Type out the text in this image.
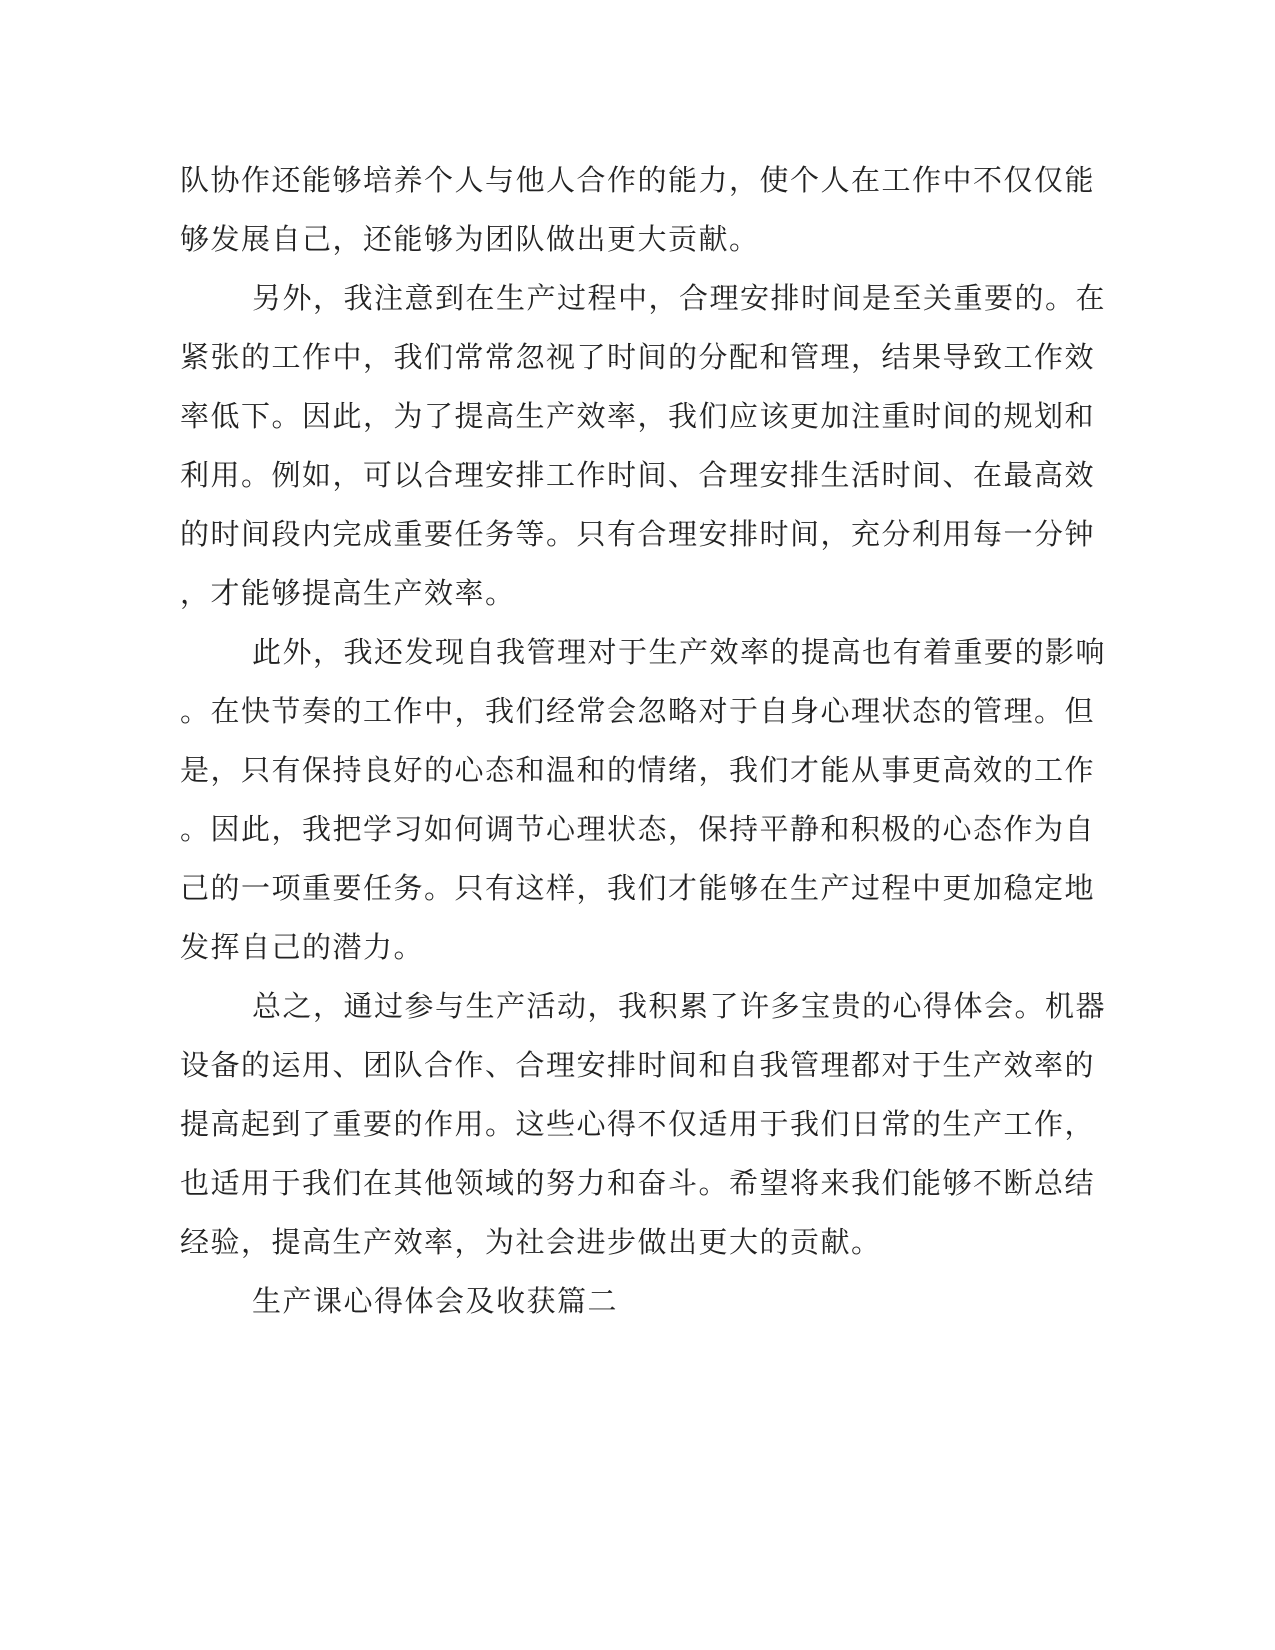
队协作还能够培养个人与他人合作的能力，使个人在工作中不仅仅能
够发展自己，还能够为团队做出更大贡献。
另外，我注意到在生产过程中，合理安排时间是至关重要的。在
紧张的工作中，我们常常忽视了时间的分配和管理，结果导致工作效
率低下。因此，为了提高生产效率，我们应该更加注重时间的规划和
利用。例如，可以合理安排工作时间、合理安排生活时间、在最高效
的时间段内完成重要任务等。只有合理安排时间，充分利用每一分钟
，才能够提高生产效率。
此外，我还发现自我管理对于生产效率的提高也有着重要的影响
。在快节奏的工作中，我们经常会忽略对于自身心理状态的管理。但
是，只有保持良好的心态和温和的情绪，我们才能从事更高效的工作
。因此，我把学习如何调节心理状态，保持平静和积极的心态作为自
己的一项重要任务。只有这样，我们才能够在生产过程中更加稳定地
发挥自己的潜力。
总之，通过参与生产活动，我积累了许多宝贵的心得体会。机器
设备的运用、团队合作、合理安排时间和自我管理都对于生产效率的
提高起到了重要的作用。这些心得不仅适用于我们日常的生产工作，
也适用于我们在其他领域的努力和奋斗。希望将来我们能够不断总结
经验，提高生产效率，为社会进步做出更大的贡献。
生产课心得体会及收获篇二
